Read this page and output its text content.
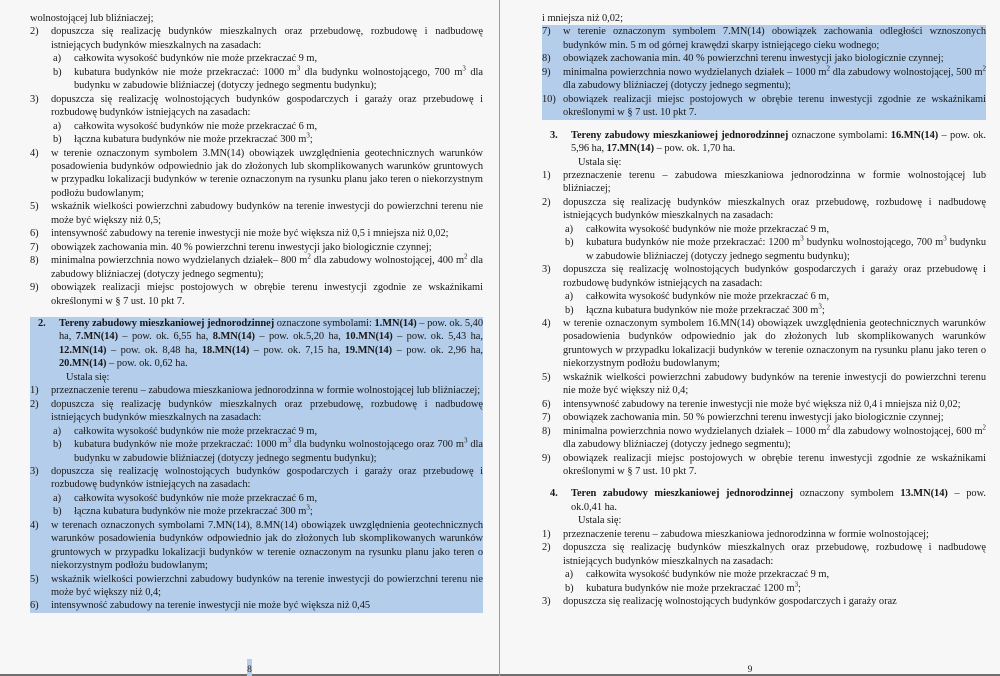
wolnostojącej lub bliźniaczej;

2)	dopuszcza się realizację budynków mieszkalnych oraz przebudowę, rozbudowę i nadbudowę istniejących budynków mieszkalnych na zasadach:

a)	całkowita wysokość budynków nie może przekraczać 9 m,

b)	kubatura budynków nie może przekraczać: 1000 $m^3$ dla budynku wolnostojącego, 700 $m^3$ dla budynku w zabudowie bliźniaczej (dotyczy jednego segmentu budynku);

3)	dopuszcza się realizację wolnostojących budynków gospodarczych i garaży oraz przebudowę i rozbudowę budynków istniejących na zasadach:

a)	całkowita wysokość budynków nie może przekraczać 6 m,

b)	łączna kubatura budynków nie może przekraczać 300 $m^3$;

4)	w terenie oznaczonym symbolem 3.MN(14) obowiązek uwzględnienia geotechnicznych warunków posadowienia budynków odpowiednio jak do złożonych lub skomplikowanych warunków gruntowych w przypadku lokalizacji budynków w terenie oznaczonym na rysunku planu jako teren o niekorzystnym podłożu budowlanym;

5)	wskaźnik wielkości powierzchni zabudowy budynków na terenie inwestycji do powierzchni terenu nie może być większy niż 0,5;

6)	intensywność zabudowy na terenie inwestycji nie może być większa niż 0,5 i mniejsza niż 0,02;

7)	obowiązek zachowania min. 40 % powierzchni terenu inwestycji jako biologicznie czynnej;

8)	minimalna powierzchnia nowo wydzielanych działek– 800 $m^2$ dla zabudowy wolnostojącej, 400 $m^2$ dla zabudowy bliźniaczej (dotyczy jednego segmentu);

9)	obowiązek realizacji miejsc postojowych w obrębie terenu inwestycji zgodnie ze wskaźnikami określonymi w § 7 ust. 10 pkt 7.

2.	Tereny zabudowy mieszkaniowej jednorodzinnej oznaczone symbolami: 1.MN(14) – pow. ok. 5,40 ha, 7.MN(14) – pow. ok. 6,55 ha, 8.MN(14) – pow. ok.5,20 ha, 10.MN(14) – pow. ok. 5,43 ha, 12.MN(14) – pow. ok. 8,48 ha, 18.MN(14) – pow. ok. 7,15 ha, 19.MN(14) – pow. ok. 2,96 ha, 20.MN(14) – pow. ok. 0,62 ha.

Ustala się:

1)	przeznaczenie terenu – zabudowa mieszkaniowa jednorodzinna w formie wolnostojącej lub bliźniaczej;

2)	dopuszcza się realizację budynków mieszkalnych oraz przebudowę, rozbudowę i nadbudowę istniejących budynków mieszkalnych na zasadach:

a)	całkowita wysokość budynków nie może przekraczać 9 m,

b)	kubatura budynków nie może przekraczać: 1000 $m^3$ dla budynku wolnostojącego oraz 700 $m^3$ dla budynku w zabudowie bliźniaczej (dotyczy jednego segmentu budynku);

3)	dopuszcza się realizację wolnostojących budynków gospodarczych i garaży oraz przebudowę i rozbudowę budynków istniejących na zasadach:

a)	całkowita wysokość budynków nie może przekraczać 6 m,

b)	łączna kubatura budynków nie może przekraczać 300 $m^3$;

4)	w terenach oznaczonych symbolami 7.MN(14), 8.MN(14) obowiązek uwzględnienia geotechnicznych warunków posadowienia budynków odpowiednio jak do złożonych lub skomplikowanych warunków gruntowych w przypadku lokalizacji budynków w terenie oznaczonym na rysunku planu jako teren o niekorzystnym podłożu budowlanym;

5)	wskaźnik wielkości powierzchni zabudowy budynków na terenie inwestycji do powierzchni terenu nie może być większy niż 0,4;

6)	intensywność zabudowy na terenie inwestycji nie może być większa niż 0,45

8

i mniejsza niż 0,02;

7)	w terenie oznaczonym symbolem 7.MN(14) obowiązek zachowania odległości wznoszonych budynków min. 5 m od górnej krawędzi skarpy istniejącego cieku wodnego;

8)	obowiązek zachowania min. 40 % powierzchni terenu inwestycji jako biologicznie czynnej;

9)	minimalna powierzchnia nowo wydzielanych działek – 1000 $m^2$ dla zabudowy wolnostojącej, 500 $m^2$ dla zabudowy bliźniaczej (dotyczy jednego segmentu);

10) obowiązek realizacji miejsc postojowych w obrębie terenu inwestycji zgodnie ze wskaźnikami określonymi w § 7 ust. 10 pkt 7.

3.	Tereny zabudowy mieszkaniowej jednorodzinnej oznaczone symbolami: 16.MN(14) – pow. ok. 5,96 ha, 17.MN(14) – pow. ok. 1,70 ha.

Ustala się:

1)	przeznaczenie terenu – zabudowa mieszkaniowa jednorodzinna w formie wolnostojącej lub bliźniaczej;

2)	dopuszcza się realizację budynków mieszkalnych oraz przebudowę, rozbudowę i nadbudowę istniejących budynków mieszkalnych na zasadach:

a)	całkowita wysokość budynków nie może przekraczać 9 m,

b)	kubatura budynków nie może przekraczać: 1200 $m^3$ budynku wolnostojącego, 700 $m^3$ budynku w zabudowie bliźniaczej (dotyczy jednego segmentu budynku);

3)	dopuszcza się realizację wolnostojących budynków gospodarczych i garaży oraz przebudowę i rozbudowę budynków istniejących na zasadach:

a)	całkowita wysokość budynków nie może przekraczać 6 m,

b)	łączna kubatura budynków nie może przekraczać 300 $m^3$;

4)	w terenie oznaczonym symbolem 16.MN(14) obowiązek uwzględnienia geotechnicznych warunków posadowienia budynków odpowiednio jak do złożonych lub skomplikowanych warunków gruntowych w przypadku lokalizacji budynków w terenie oznaczonym na rysunku planu jako teren o niekorzystnym podłożu budowlanym;

5)	wskaźnik wielkości powierzchni zabudowy budynków na terenie inwestycji do powierzchni terenu nie może być większy niż 0,4;

6)	intensywność zabudowy na terenie inwestycji nie może być większa niż 0,4 i mniejsza niż 0,02;

7)	obowiązek zachowania min. 50 % powierzchni terenu inwestycji jako biologicznie czynnej;

8)	minimalna powierzchnia nowo wydzielanych działek – 1000 $m^2$ dla zabudowy wolnostojącej, 600 $m^2$ dla zabudowy bliźniaczej (dotyczy jednego segmentu);

9)	obowiązek realizacji miejsc postojowych w obrębie terenu inwestycji zgodnie ze wskaźnikami określonymi w § 7 ust. 10 pkt 7.

4.	Teren zabudowy mieszkaniowej jednorodzinnej oznaczony symbolem 13.MN(14) – pow. ok.0,41 ha.

Ustala się:

1)	przeznaczenie terenu – zabudowa mieszkaniowa jednorodzinna w formie wolnostojącej;

2)	dopuszcza się realizację budynków mieszkalnych oraz przebudowę, rozbudowę i nadbudowę istniejących budynków mieszkalnych na zasadach:

a)	całkowita wysokość budynków nie może przekraczać 9 m,

b)	kubatura budynków nie może przekraczać 1200 $m^3$;

3)	dopuszcza się realizację wolnostojących budynków gospodarczych i garaży oraz

9
